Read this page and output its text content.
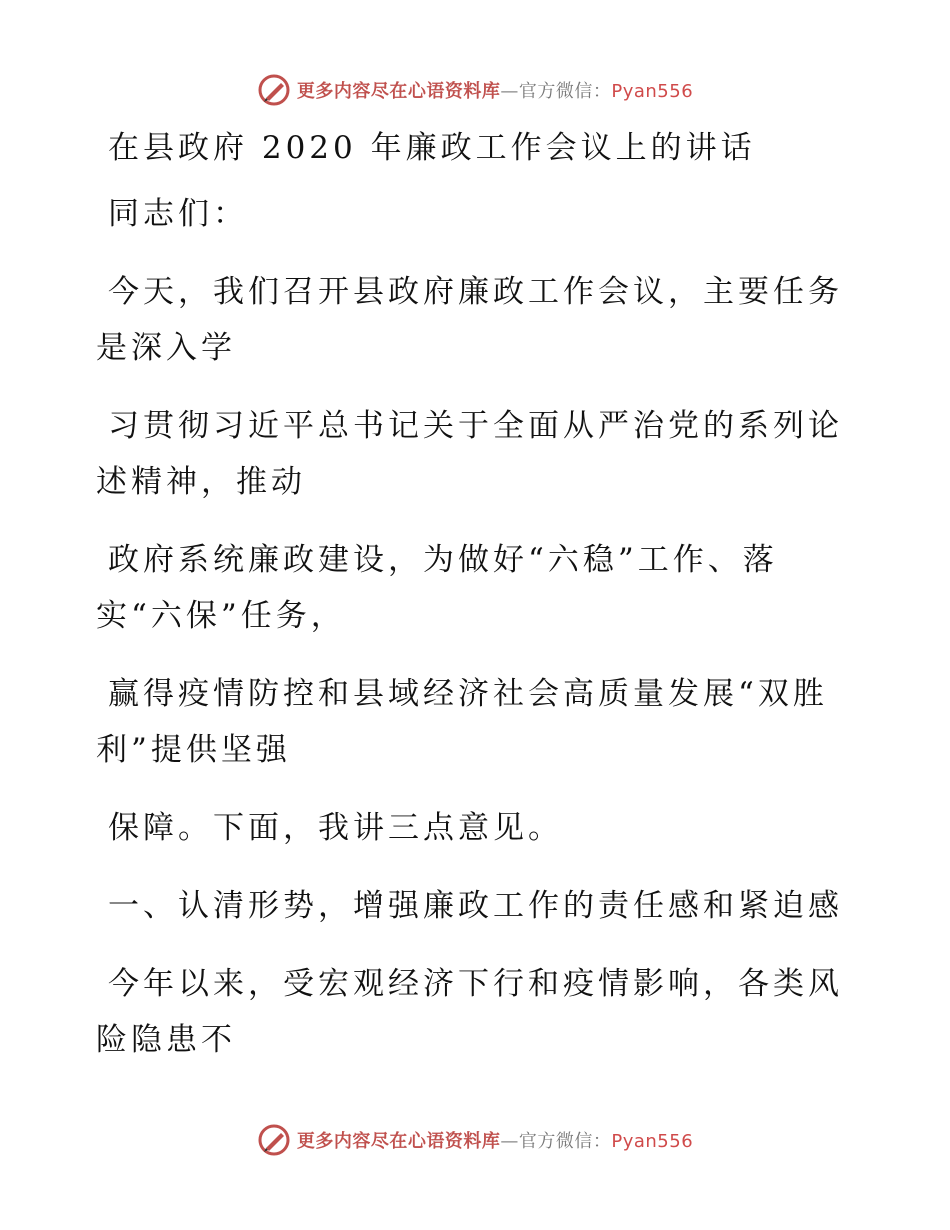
更多内容尽在心语资料库—官方微信：Pyan556
在县政府 2020 年廉政工作会议上的讲话
同志们：
今天，我们召开县政府廉政工作会议，主要任务
是深入学
习贯彻习近平总书记关于全面从严治党的系列论
述精神，推动
政府系统廉政建设，为做好“六稳”工作、落
实“六保”任务，
赢得疫情防控和县域经济社会高质量发展“双胜
利”提供坚强
保障。下面，我讲三点意见。
一、认清形势，增强廉政工作的责任感和紧迫感
今年以来，受宏观经济下行和疫情影响，各类风
险隐患不
更多内容尽在心语资料库—官方微信：Pyan556
